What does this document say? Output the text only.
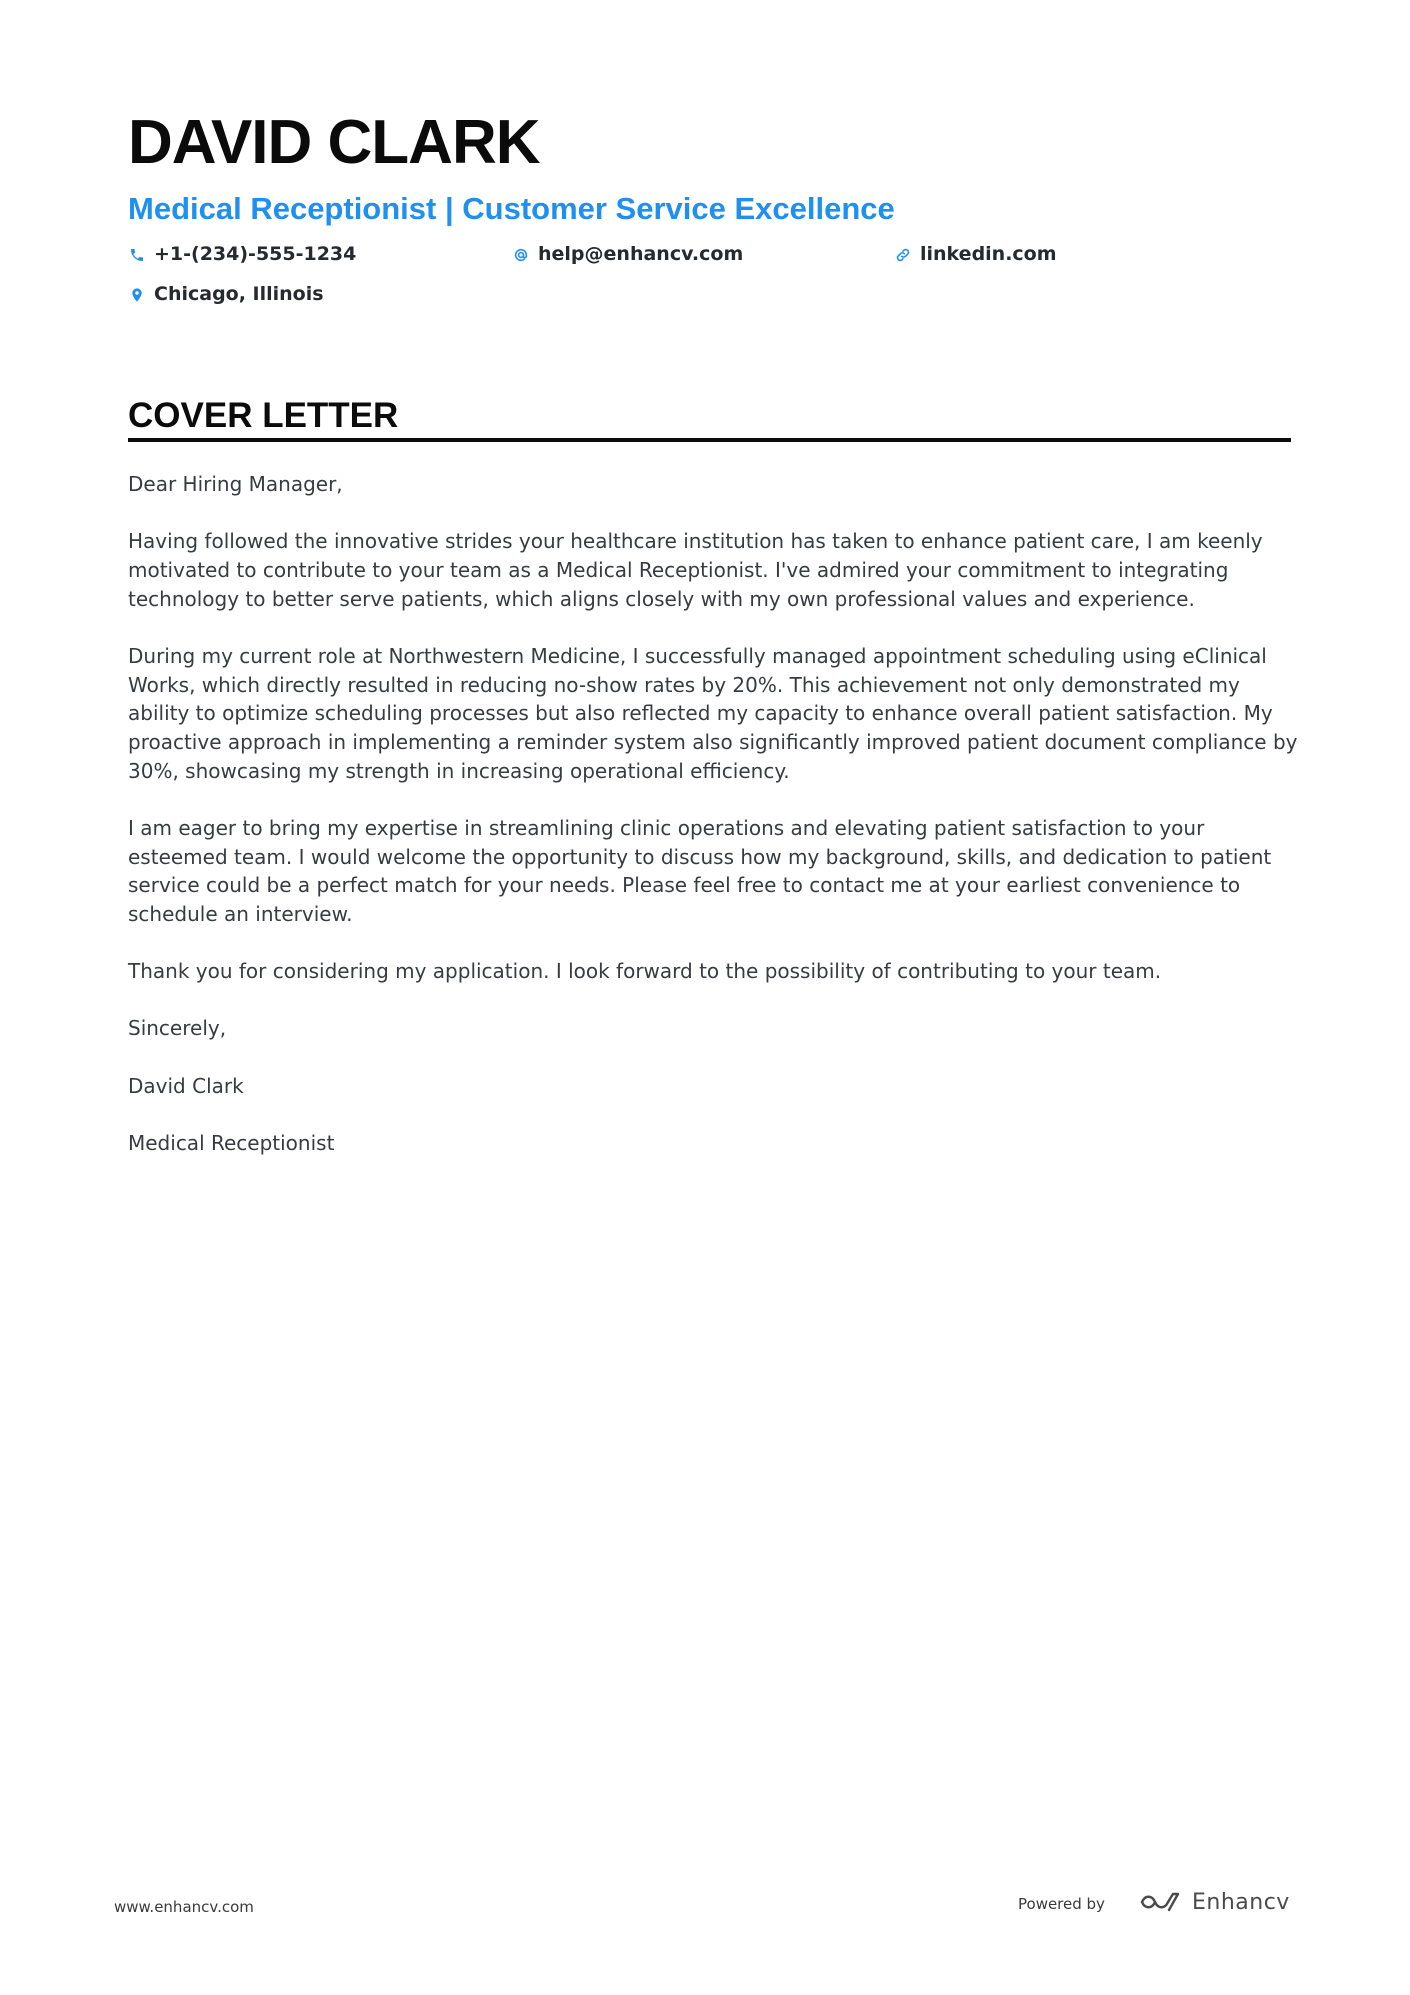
DAVID CLARK
Medical Receptionist | Customer Service Excellence
+1-(234)-555-1234	help@enhancv.com	linkedin.com
Chicago, Illinois
COVER LETTER

Dear Hiring Manager,

Having followed the innovative strides your healthcare institution has taken to enhance patient care, I am keenly motivated to contribute to your team as a Medical Receptionist. I've admired your commitment to integrating technology to better serve patients, which aligns closely with my own professional values and experience.

During my current role at Northwestern Medicine, I successfully managed appointment scheduling using eClinical Works, which directly resulted in reducing no-show rates by 20%. This achievement not only demonstrated my ability to optimize scheduling processes but also reflected my capacity to enhance overall patient satisfaction. My proactive approach in implementing a reminder system also significantly improved patient document compliance by 30%, showcasing my strength in increasing operational efficiency.

I am eager to bring my expertise in streamlining clinic operations and elevating patient satisfaction to your esteemed team. I would welcome the opportunity to discuss how my background, skills, and dedication to patient service could be a perfect match for your needs. Please feel free to contact me at your earliest convenience to schedule an interview.

Thank you for considering my application. I look forward to the possibility of contributing to your team.

Sincerely,

David Clark

Medical Receptionist

www.enhancv.com	Powered by	Enhancv
